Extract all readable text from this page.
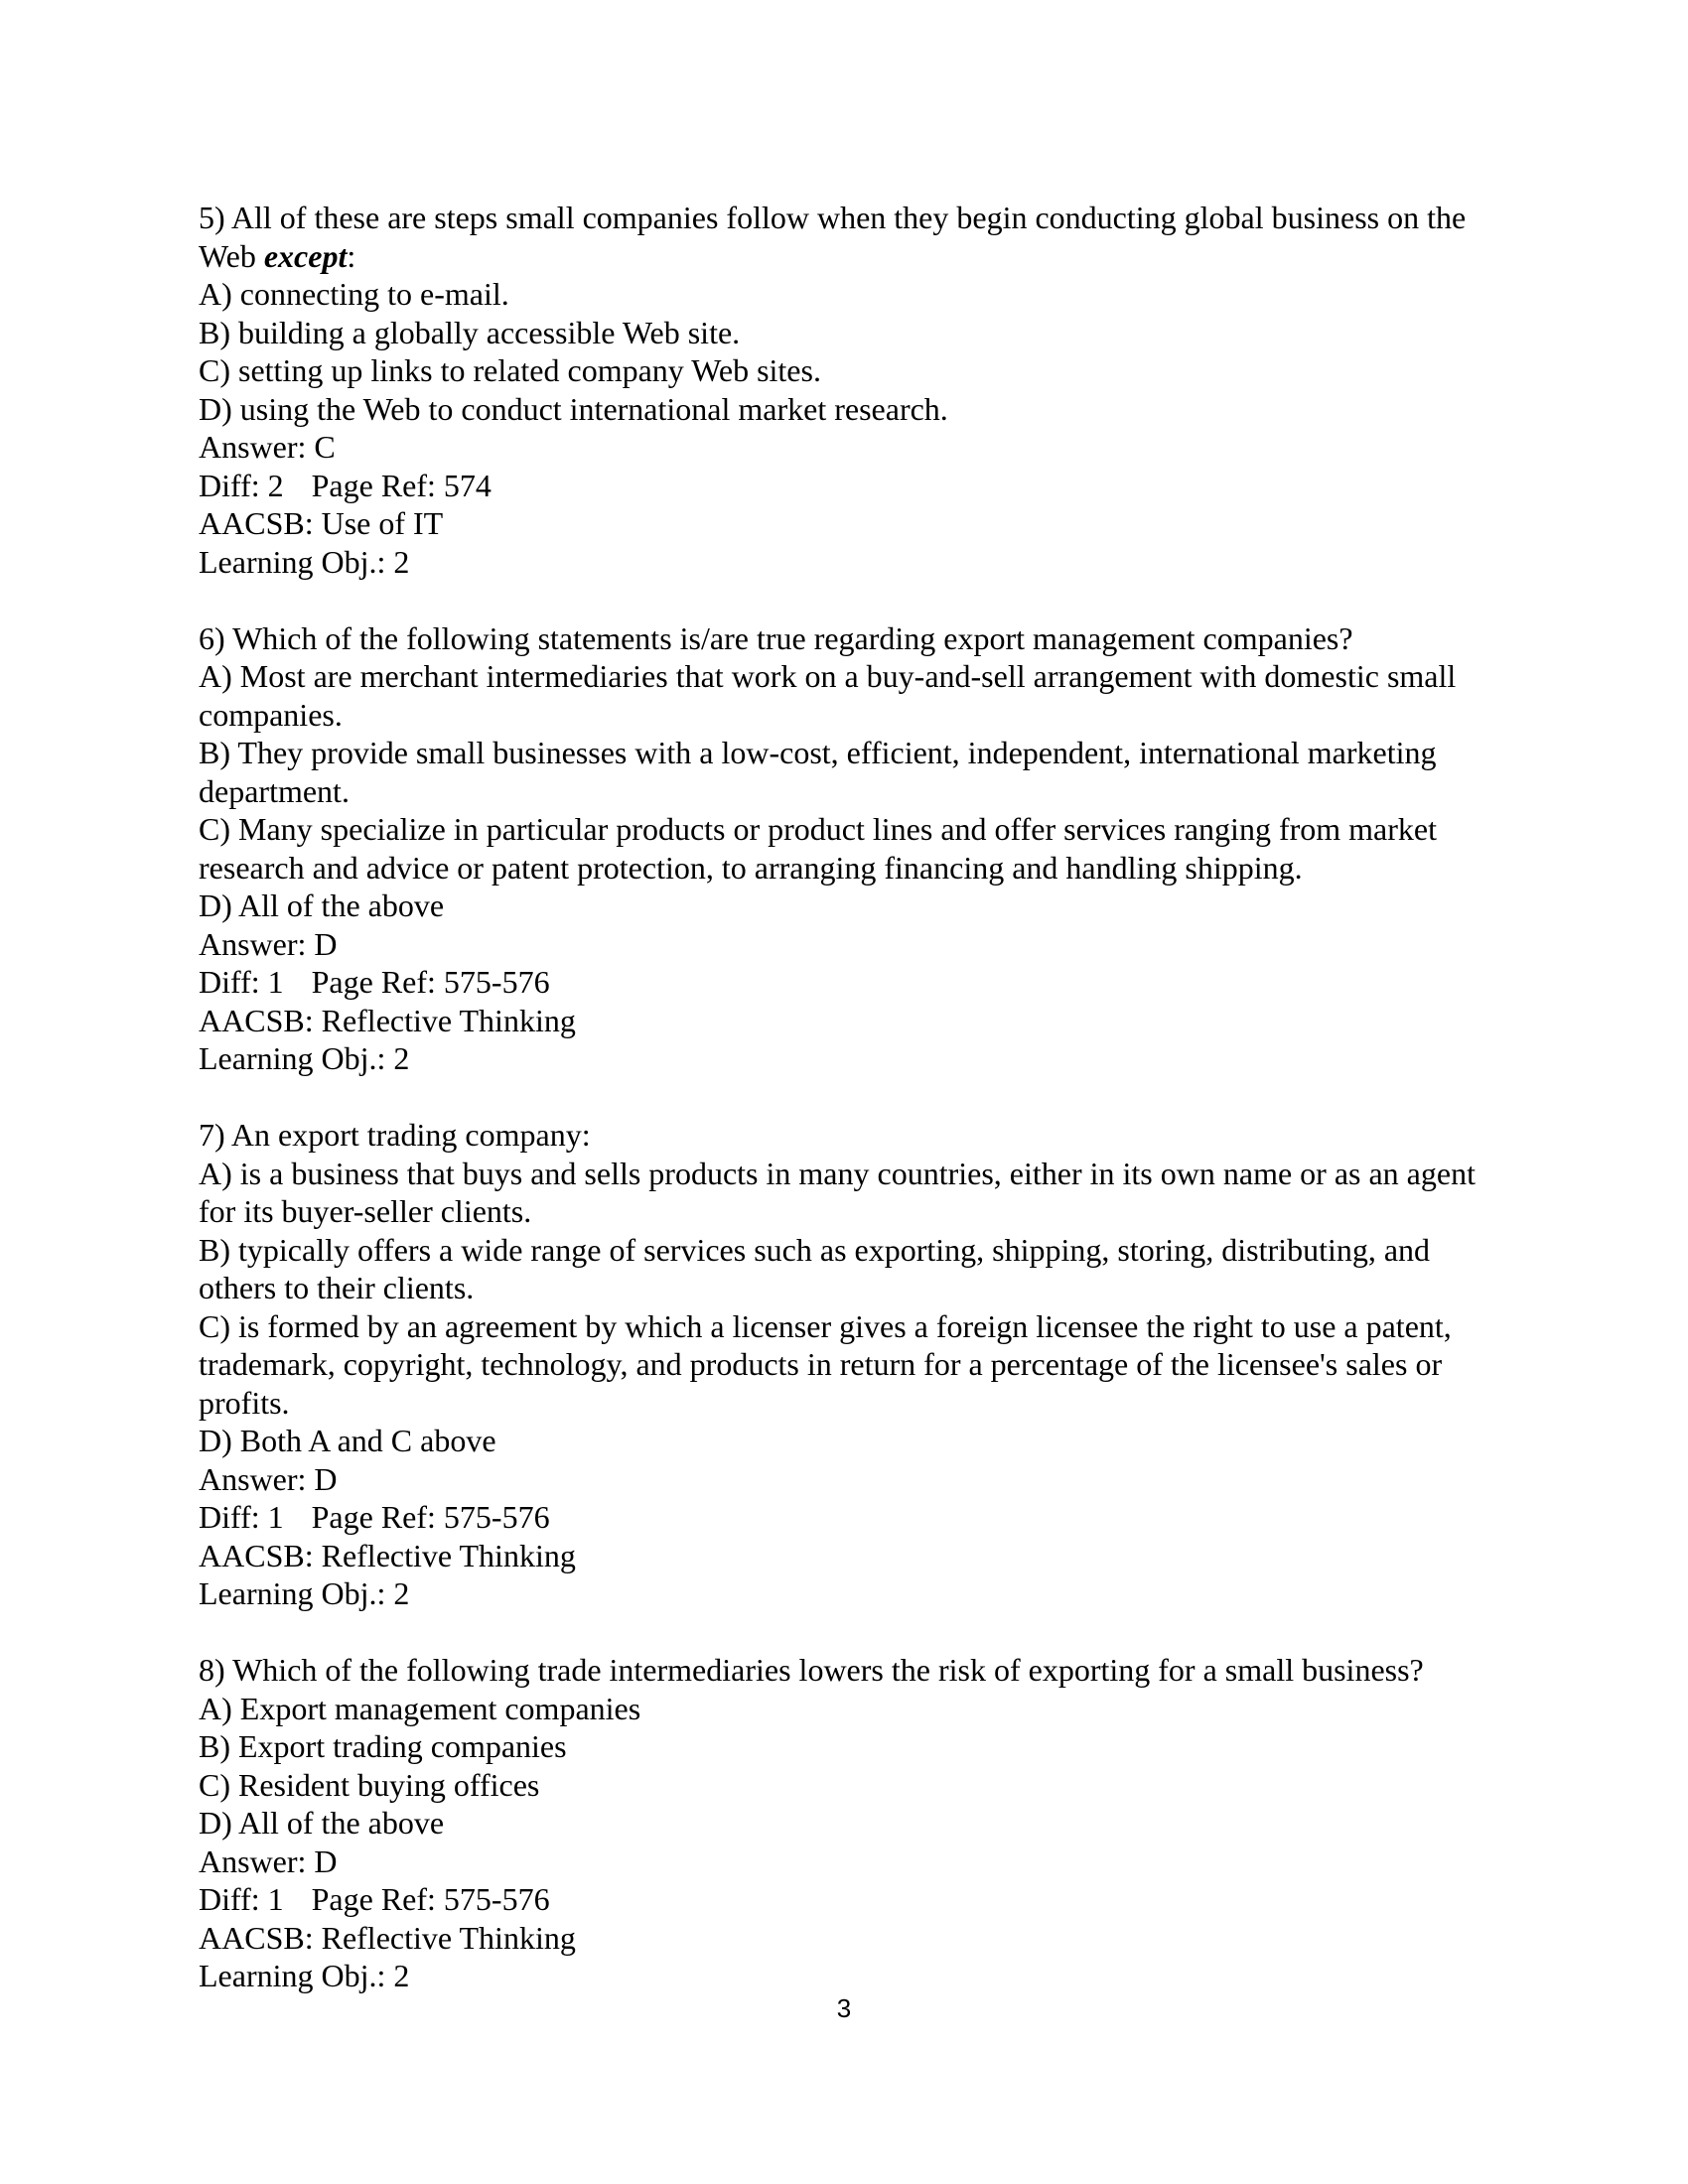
5) All of these are steps small companies follow when they begin conducting global business on the Web except:
A) connecting to e-mail.
B) building a globally accessible Web site.
C) setting up links to related company Web sites.
D) using the Web to conduct international market research.
Answer: C
Diff: 2 Page Ref: 574
AACSB: Use of IT
Learning Obj.: 2
6) Which of the following statements is/are true regarding export management companies?
A) Most are merchant intermediaries that work on a buy-and-sell arrangement with domestic small companies.
B) They provide small businesses with a low-cost, efficient, independent, international marketing department.
C) Many specialize in particular products or product lines and offer services ranging from market research and advice or patent protection, to arranging financing and handling shipping.
D) All of the above
Answer: D
Diff: 1 Page Ref: 575-576
AACSB: Reflective Thinking
Learning Obj.: 2
7) An export trading company:
A) is a business that buys and sells products in many countries, either in its own name or as an agent for its buyer-seller clients.
B) typically offers a wide range of services such as exporting, shipping, storing, distributing, and others to their clients.
C) is formed by an agreement by which a licenser gives a foreign licensee the right to use a patent, trademark, copyright, technology, and products in return for a percentage of the licensee's sales or profits.
D) Both A and C above
Answer: D
Diff: 1 Page Ref: 575-576
AACSB: Reflective Thinking
Learning Obj.: 2
8) Which of the following trade intermediaries lowers the risk of exporting for a small business?
A) Export management companies
B) Export trading companies
C) Resident buying offices
D) All of the above
Answer: D
Diff: 1 Page Ref: 575-576
AACSB: Reflective Thinking
Learning Obj.: 2
3
